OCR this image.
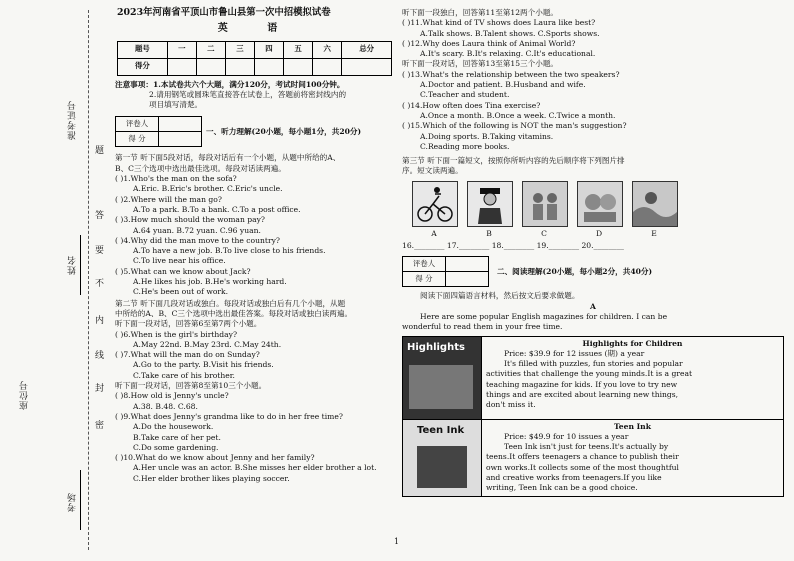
准考证号
姓名
考场
座位号
题
答
要
不
内
线
封
密
2023年河南省平顶山市鲁山县第一次中招模拟试卷
英 语
题号	一	二	三	四	五	六	总分
得分							
注意事项：1.本试卷共六个大题，满分120分，考试时间100分钟。
2.请用钢笔或圆珠笔直接答在试卷上，答题前将密封线内的
项目填写清楚。
评卷人	
得 分	
一、听力理解(20小题，每小题1分，共20分)
第一节 听下面5段对话，每段对话后有一个小题，从题中所给的A、
B、C三个选项中选出最佳选项。每段对话读两遍。
( )1.Who's the man on the sofa?
A.Eric. B.Eric's brother. C.Eric's uncle.
( )2.Where will the man go?
A.To a park. B.To a bank. C.To a post office.
( )3.How much should the woman pay?
A.64 yuan. B.72 yuan. C.96 yuan.
( )4.Why did the man move to the country?
A.To have a new job. B.To live close to his friends.
C.To live near his office.
( )5.What can we know about Jack?
A.He likes his job. B.He's working hard.
C.He's been out of work.
第二节 听下面几段对话或独白。每段对话或独白后有几个小题，从题
中所给的A、B、C三个选项中选出最佳答案。每段对话或独白读两遍。
听下面一段对话，回答第6至第7两个小题。
( )6.When is the girl's birthday?
A.May 22nd. B.May 23rd. C.May 24th.
( )7.What will the man do on Sunday?
A.Go to the party. B.Visit his friends.
C.Take care of his brother.
听下面一段对话，回答第8至第10三个小题。
( )8.How old is Jenny's uncle?
A.38. B.48. C.68.
( )9.What does Jenny's grandma like to do in her free time?
A.Do the housework.
B.Take care of her pet.
C.Do some gardening.
( )10.What do we know about Jenny and her family?
A.Her uncle was an actor. B.She misses her elder brother a lot.
C.Her elder brother likes playing soccer.
听下面一段独白，回答第11至第12两个小题。
( )11.What kind of TV shows does Laura like best?
A.Talk shows. B.Talent shows. C.Sports shows.
( )12.Why does Laura think of Animal World?
A.It's scary. B.It's relaxing. C.It's educational.
听下面一段对话，回答第13至第15三个小题。
( )13.What's the relationship between the two speakers?
A.Doctor and patient. B.Husband and wife.
C.Teacher and student.
( )14.How often does Tina exercise?
A.Once a month. B.Once a week. C.Twice a month.
( )15.Which of the following is NOT the man's suggestion?
A.Doing sports. B.Taking vitamins.
C.Reading more books.
第三节 听下面一篇短文，按照你所听内容的先后顺序将下列图片排
序。短文读两遍。
A	B	C	D	E
16.________ 17.________ 18.________ 19.________ 20.________
评卷人	
得 分	
二、阅读理解(20小题，每小题2分，共40分)
阅读下面四篇语言材料，然后按文后要求做题。
A
Here are some popular English magazines for children. I can be
wonderful to read them in your free time.
Highlights	Highlights for Children
Price: $39.9 for 12 issues (期) a year
It's filled with puzzles, fun stories and popular
activities that challenge the young minds.It is a great
teaching magazine for kids. If you love to try new
things and are excited about learning new things,
don't miss it.
Teen Ink	Teen Ink
Price: $49.9 for 10 issues a year
Teen Ink isn't just for teens.It's actually by
teens.It offers teenagers a chance to publish their
own works.It collects some of the most thoughtful
and creative works from teenagers.If you like
writing, Teen Ink can be a good choice.
1
